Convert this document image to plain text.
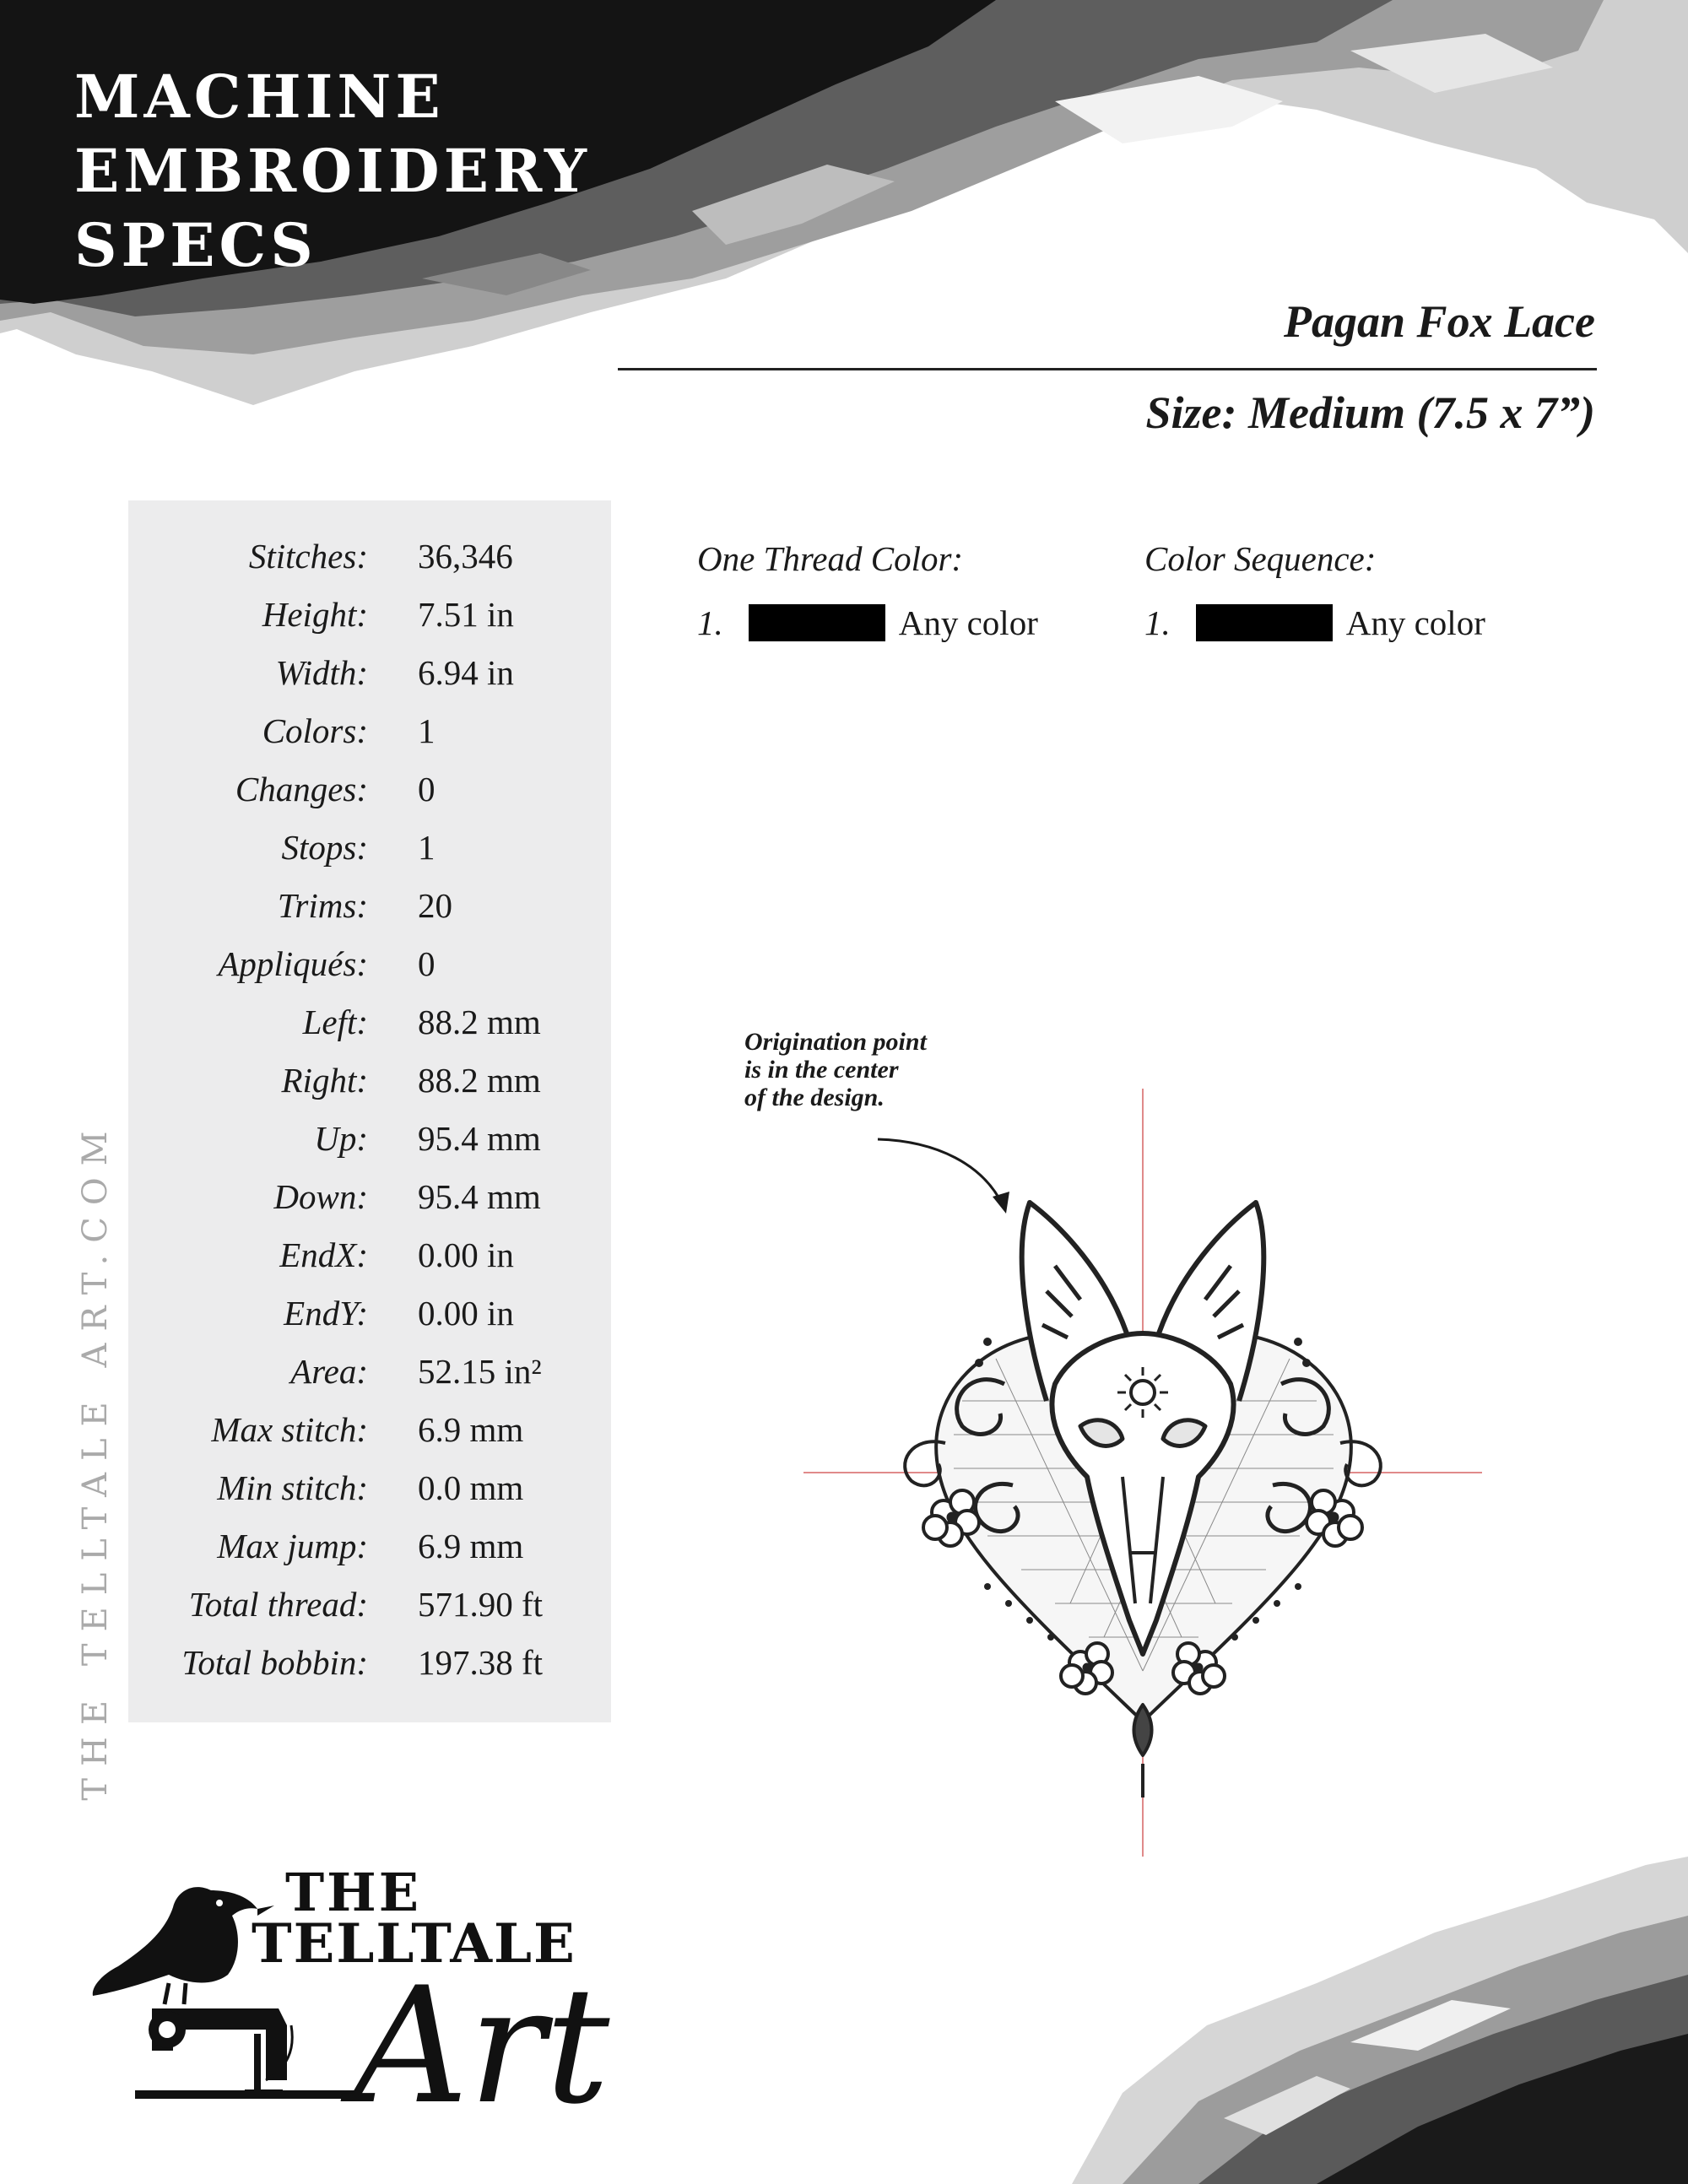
MACHINE
EMBROIDERY
SPECS
Pagan Fox Lace
Size: Medium (7.5 x 7”)
Stitches: 36,346
Height: 7.51 in
Width: 6.94 in
Colors: 1
Changes: 0
Stops: 1
Trims: 20
Appliqués: 0
Left: 88.2 mm
Right: 88.2 mm
Up: 95.4 mm
Down: 95.4 mm
EndX: 0.00 in
EndY: 0.00 in
Area: 52.15 in²
Max stitch: 6.9 mm
Min stitch: 0.0 mm
Max jump: 6.9 mm
Total thread: 571.90 ft
Total bobbin: 197.38 ft
One Thread Color:
1.	Any color
Color Sequence:
1.	Any color
Origination point
is in the center
of the design.
THE TELLTALE ART.COM
THE
TELLTALE
Art
